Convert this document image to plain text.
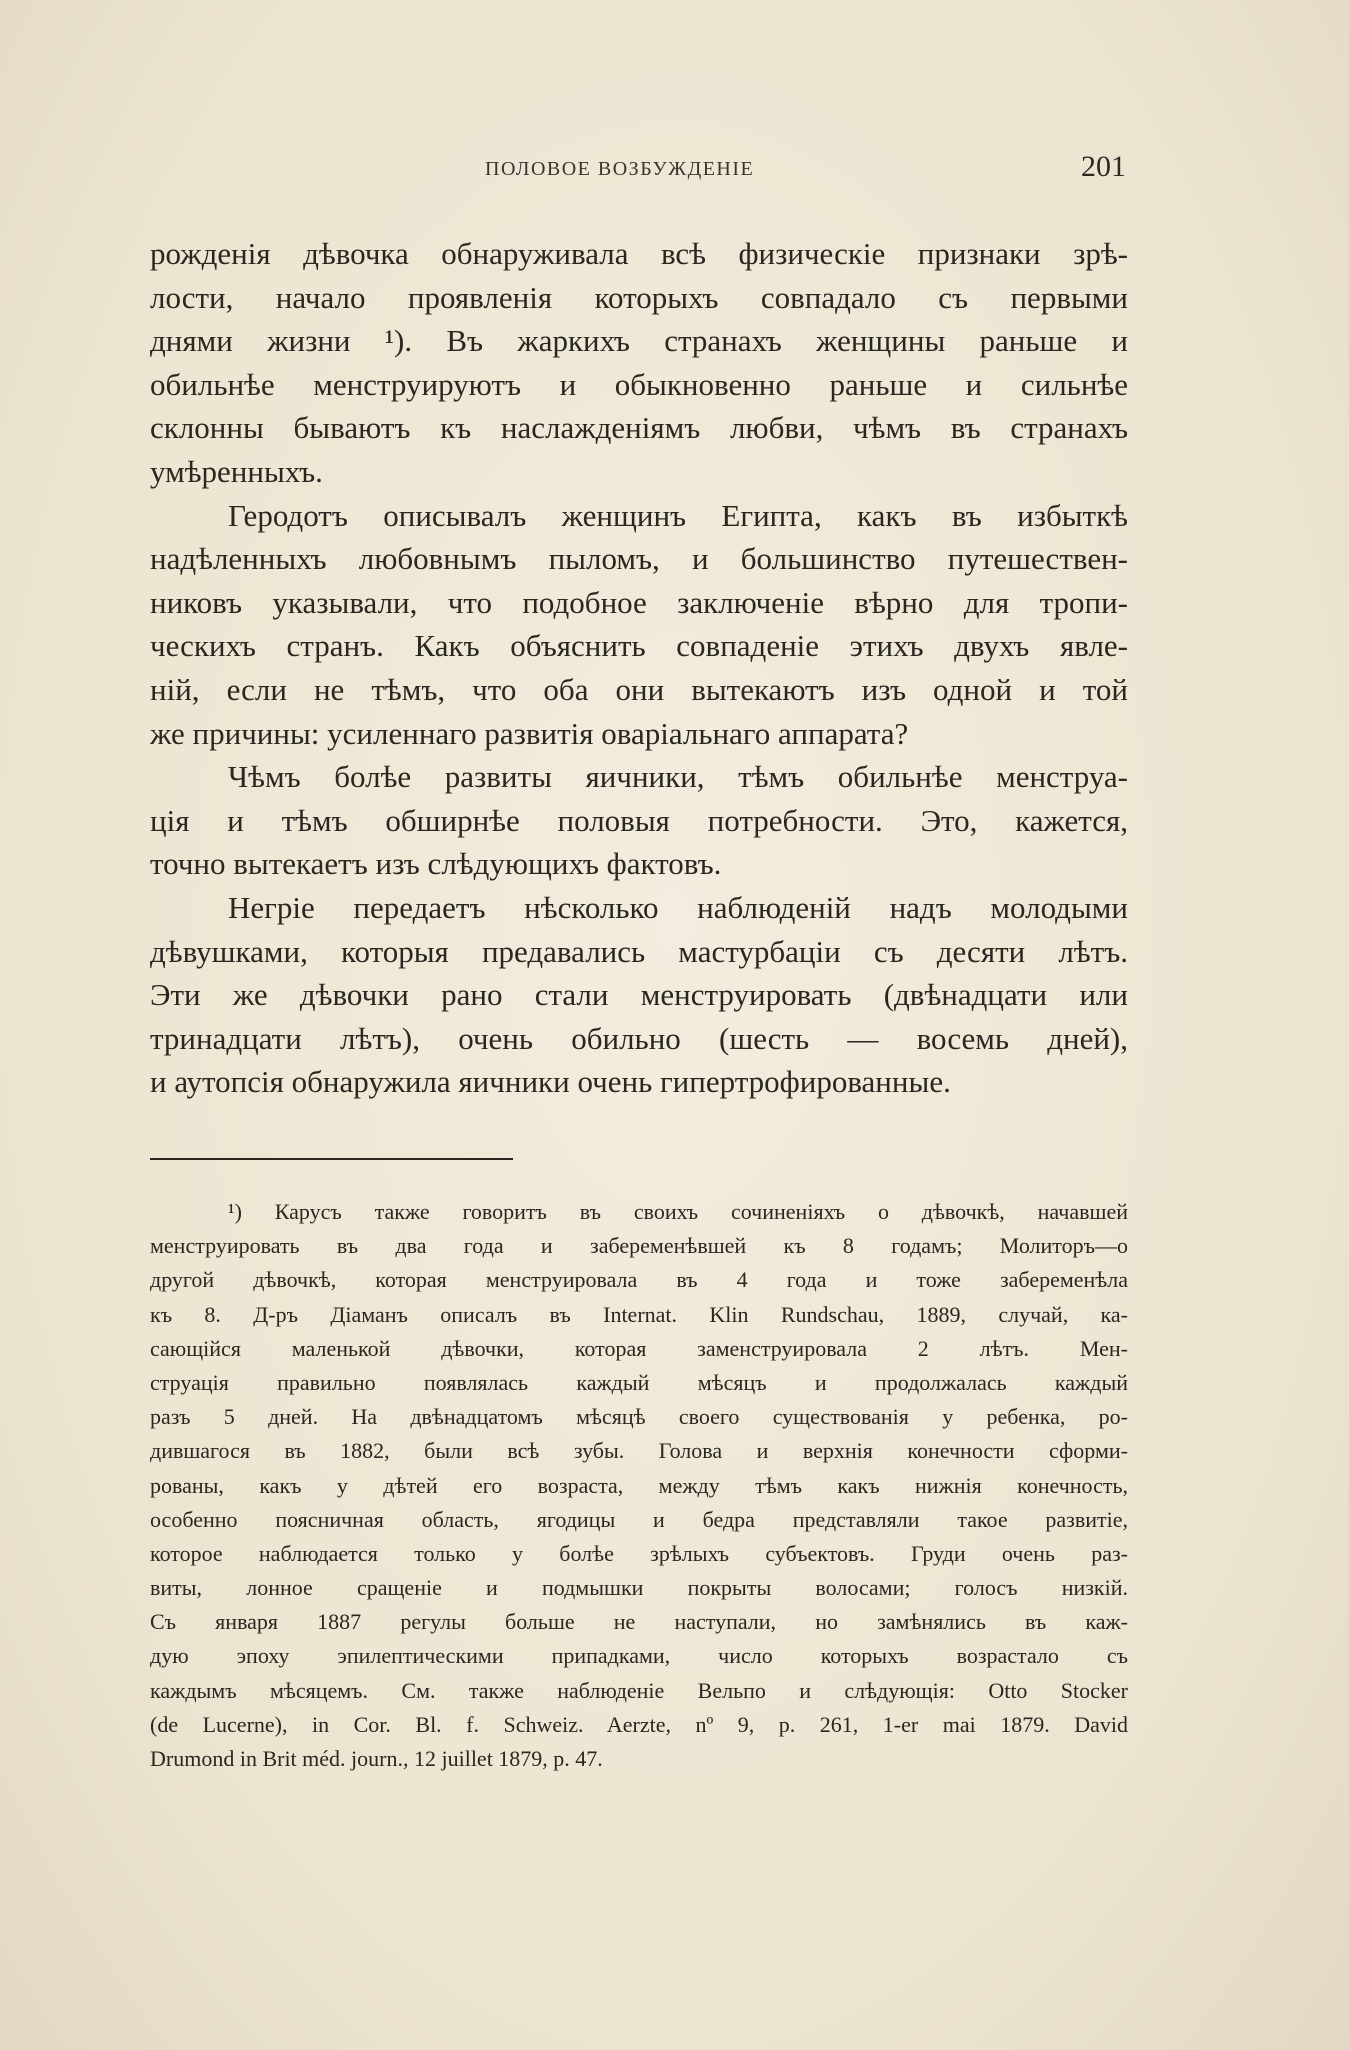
ПОЛОВОЕ ВОЗБУЖДЕНІЕ	201
рожденія дѣвочка обнаруживала всѣ физическіе признаки зрѣ-
лости, начало проявленія которыхъ совпадало съ первыми
днями жизни ¹). Въ жаркихъ странахъ женщины раньше и
обильнѣе менструируютъ и обыкновенно раньше и сильнѣе
склонны бываютъ къ наслажденіямъ любви, чѣмъ въ странахъ
умѣренныхъ.
Геродотъ описывалъ женщинъ Египта, какъ въ избыткѣ
надѣленныхъ любовнымъ пыломъ, и большинство путешествен-
никовъ указывали, что подобное заключеніе вѣрно для тропи-
ческихъ странъ. Какъ объяснить совпаденіе этихъ двухъ явле-
ній, если не тѣмъ, что оба они вытекаютъ изъ одной и той
же причины: усиленнаго развитія оваріальнаго аппарата?
Чѣмъ болѣе развиты яичники, тѣмъ обильнѣе менструа-
ція и тѣмъ обширнѣе половыя потребности. Это, кажется,
точно вытекаетъ изъ слѣдующихъ фактовъ.
Негріе передаетъ нѣсколько наблюденій надъ молодыми
дѣвушками, которыя предавались мастурбаціи съ десяти лѣтъ.
Эти же дѣвочки рано стали менструировать (двѣнадцати или
тринадцати лѣтъ), очень обильно (шесть — восемь дней),
и аутопсія обнаружила яичники очень гипертрофированные.
¹) Карусъ также говоритъ въ своихъ сочиненіяхъ о дѣвочкѣ, начавшей
менструировать въ два года и забеременѣвшей къ 8 годамъ; Молиторъ—о
другой дѣвочкѣ, которая менструировала въ 4 года и тоже забеременѣла
къ 8. Д-ръ Діаманъ описалъ въ Internat. Klin Rundschau, 1889, случай, ка-
сающійся маленькой дѣвочки, которая заменструировала 2 лѣтъ. Мен-
струація правильно появлялась каждый мѣсяцъ и продолжалась каждый
разъ 5 дней. На двѣнадцатомъ мѣсяцѣ своего существованія у ребенка, ро-
дившагося въ 1882, были всѣ зубы. Голова и верхнія конечности сформи-
рованы, какъ у дѣтей его возраста, между тѣмъ какъ нижнія конечность,
особенно поясничная область, ягодицы и бедра представляли такое развитіе,
которое наблюдается только у болѣе зрѣлыхъ субъектовъ. Груди очень раз-
виты, лонное сращеніе и подмышки покрыты волосами; голосъ низкій.
Съ января 1887 регулы больше не наступали, но замѣнялись въ каж-
дую эпоху эпилептическими припадками, число которыхъ возрастало съ
каждымъ мѣсяцемъ. См. также наблюденіе Вельпо и слѣдующія: Otto Stocker
(de Lucerne), in Cor. Bl. f. Schweiz. Aerzte, nº 9, p. 261, 1-er mai 1879. David
Drumond in Brit méd. journ., 12 juillet 1879, p. 47.
